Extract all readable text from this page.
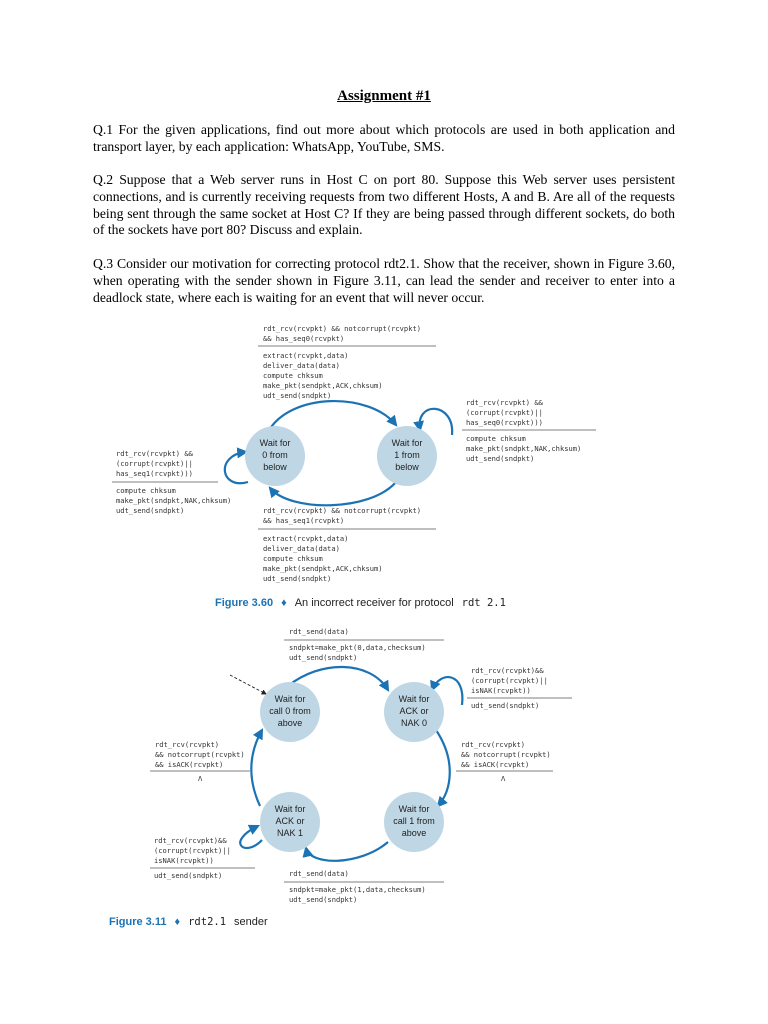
Assignment #1
Q.1 For the given applications, find out more about which protocols are used in both application and transport layer, by each application: WhatsApp, YouTube, SMS.
Q.2 Suppose that a Web server runs in Host C on port 80. Suppose this Web server uses persistent connections, and is currently receiving requests from two different Hosts, A and B. Are all of the requests being sent through the same socket at Host C? If they are being passed through different sockets, do both of the sockets have port 80? Discuss and explain.
Q.3 Consider our motivation for correcting protocol rdt2.1. Show that the receiver, shown in Figure 3.60, when operating with the sender shown in Figure 3.11, can lead the sender and receiver to enter into a deadlock state, where each is waiting for an event that will never occur.
Wait for
0 from
below
Wait for
1 from
below
rdt_rcv(rcvpkt) && notcorrupt(rcvpkt)
&& has_seq0(rcvpkt)
extract(rcvpkt,data)
deliver_data(data)
compute chksum
make_pkt(sendpkt,ACK,chksum)
udt_send(sndpkt)
rdt_rcv(rcvpkt) &&
(corrupt(rcvpkt)||
has_seq0(rcvpkt)))
compute chksum
make_pkt(sndpkt,NAK,chksum)
udt_send(sndpkt)
rdt_rcv(rcvpkt) &&
(corrupt(rcvpkt)||
has_seq1(rcvpkt)))
compute chksum
make_pkt(sndpkt,NAK,chksum)
udt_send(sndpkt)	rdt_rcv(rcvpkt) && notcorrupt(rcvpkt)
&& has_seq1(rcvpkt)
extract(rcvpkt,data)
deliver_data(data)
compute chksum
make_pkt(sendpkt,ACK,chksum)
udt_send(sndpkt)
Figure 3.60 ♦ An incorrect receiver for protocol rdt 2.1
Wait for
call 0 from
above
Wait for
ACK or
NAK 0
Wait for
ACK or
NAK 1
Wait for
call 1 from
above
rdt_send(data)
sndpkt=make_pkt(0,data,checksum)
udt_send(sndpkt)
rdt_rcv(rcvpkt)&&
(corrupt(rcvpkt)||
isNAK(rcvpkt))
udt_send(sndpkt)
rdt_rcv(rcvpkt)
&& notcorrupt(rcvpkt)
&& isACK(rcvpkt)
Λ
rdt_rcv(rcvpkt)
&& notcorrupt(rcvpkt)
&& isACK(rcvpkt)
Λ
rdt_rcv(rcvpkt)&&
(corrupt(rcvpkt)||
isNAK(rcvpkt))
udt_send(sndpkt)	rdt_send(data)
sndpkt=make_pkt(1,data,checksum)
udt_send(sndpkt)
Figure 3.11 ♦ rdt2.1 sender
